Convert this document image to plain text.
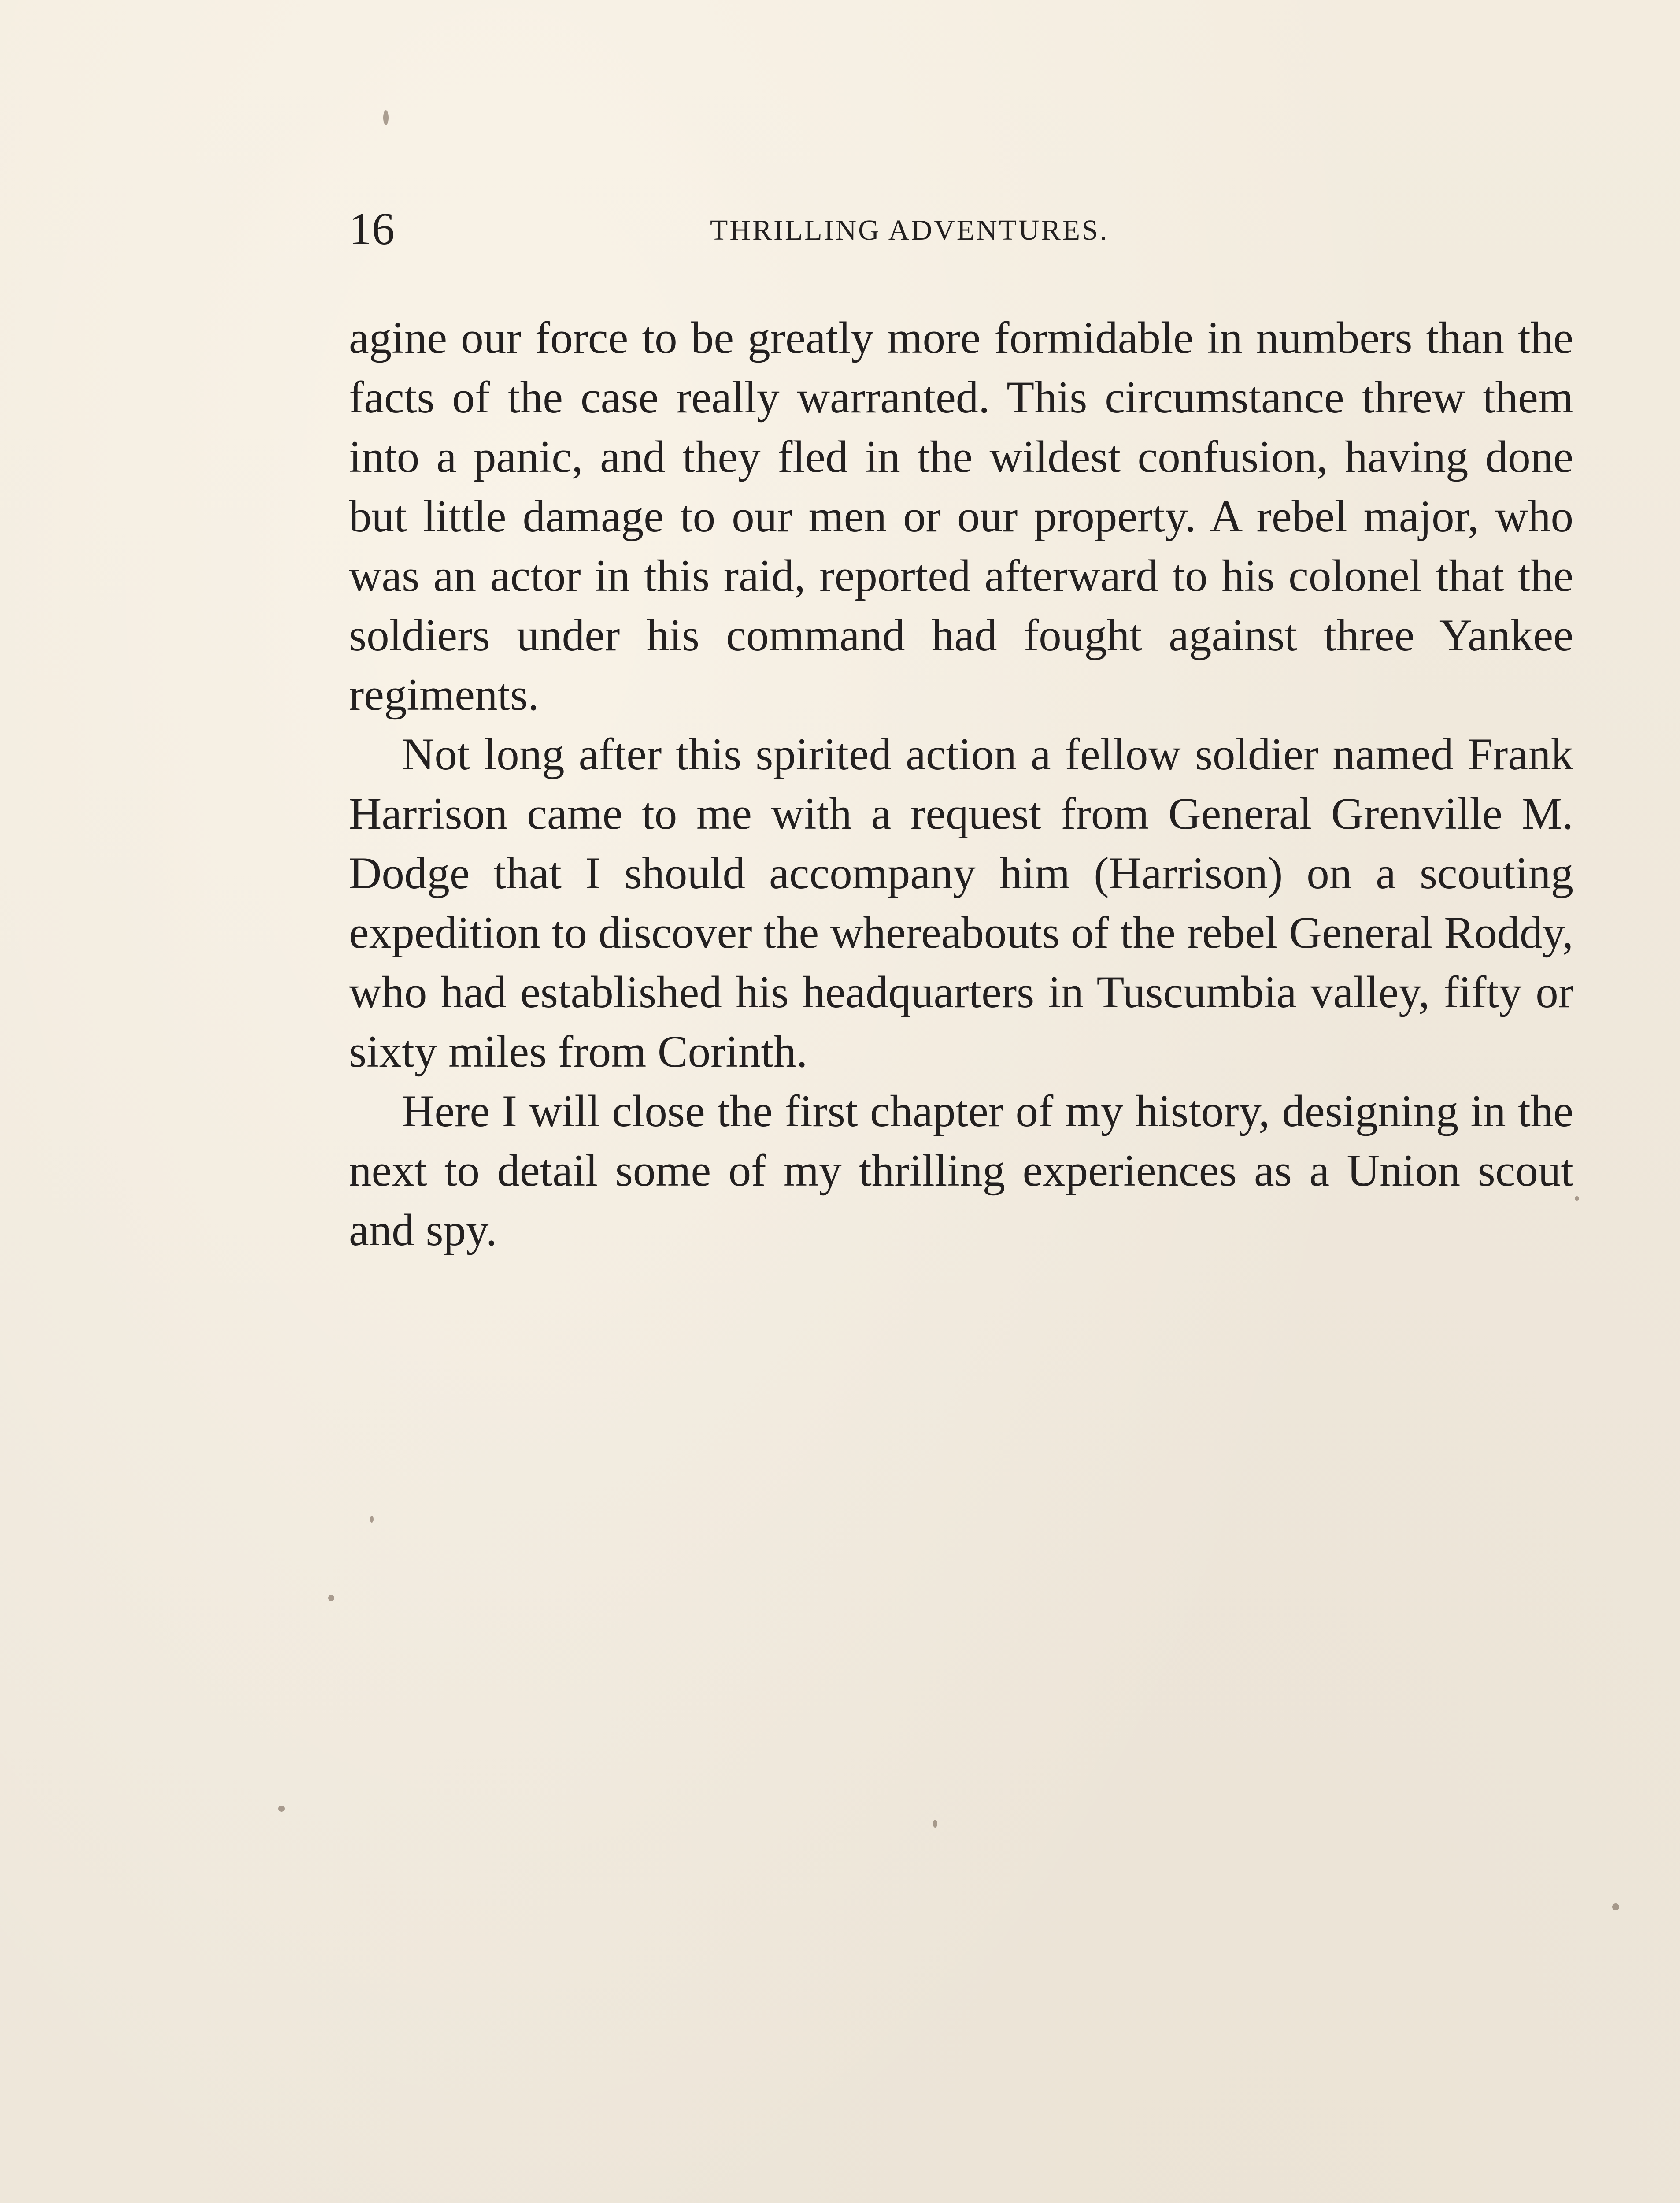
16	THRILLING ADVENTURES.

agine our force to be greatly more formidable in numbers than the facts of the case really warranted. This circumstance threw them into a panic, and they fled in the wildest confusion, having done but little damage to our men or our property. A rebel major, who was an actor in this raid, reported afterward to his colonel that the soldiers under his command had fought against three Yankee regiments.

Not long after this spirited action a fellow soldier named Frank Harrison came to me with a request from General Grenville M. Dodge that I should accompany him (Harrison) on a scouting expedition to discover the whereabouts of the rebel General Roddy, who had established his headquarters in Tuscumbia valley, fifty or sixty miles from Corinth.

Here I will close the first chapter of my history, designing in the next to detail some of my thrilling experiences as a Union scout and spy.
